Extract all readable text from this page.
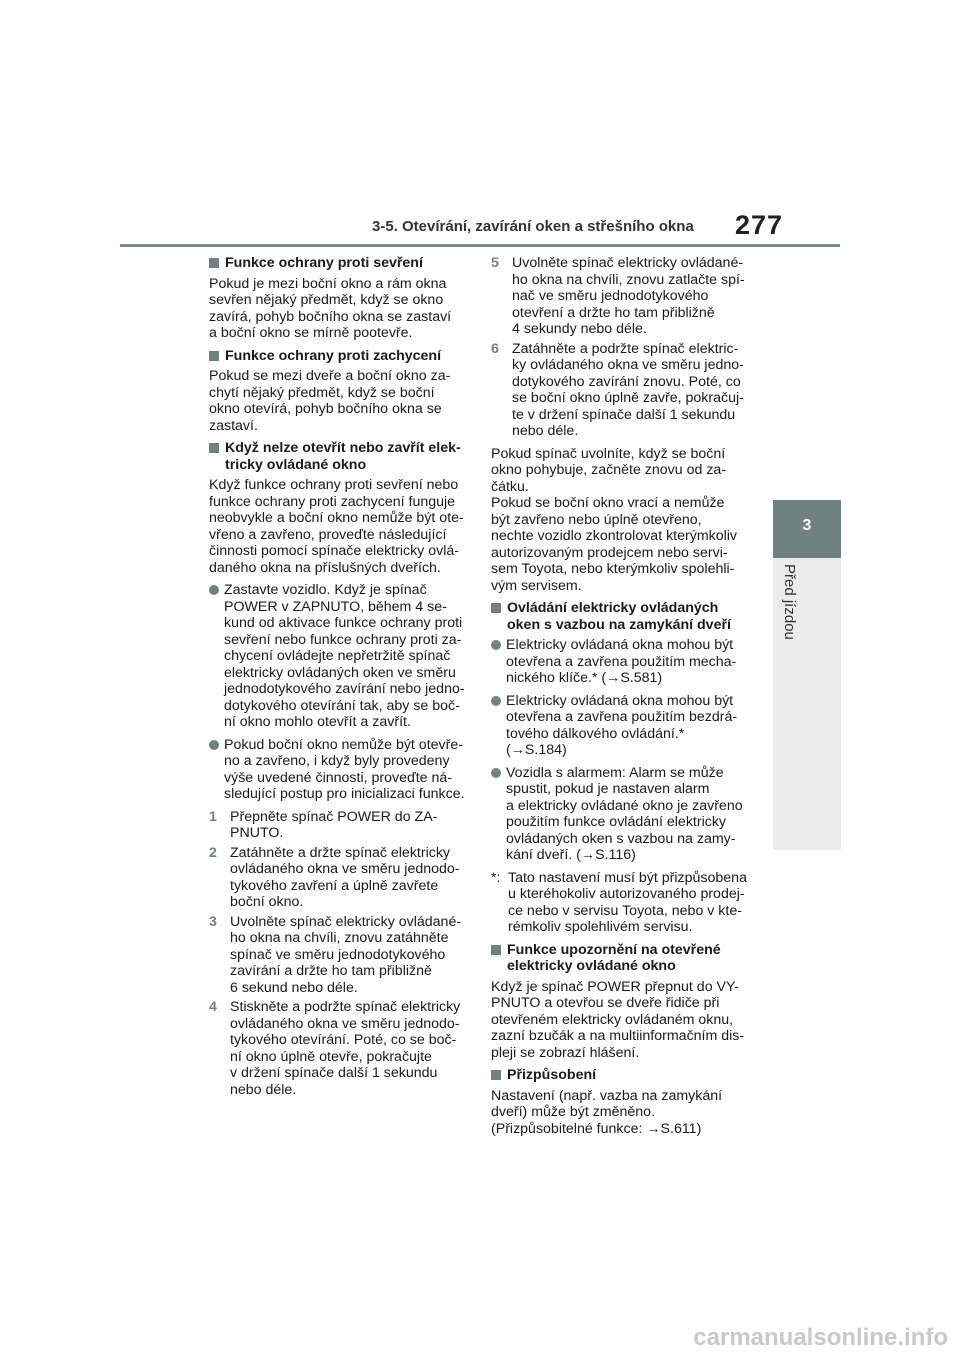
3-5. Otevírání, zavírání oken a střešního okna 277
3
Před jízdou
Funkce ochrany proti sevření
Pokud je mezi boční okno a rám okna
sevřen nějaký předmět, když se okno
zavírá, pohyb bočního okna se zastaví
a boční okno se mírně pootevře.
Funkce ochrany proti zachycení
Pokud se mezi dveře a boční okno za-
chytí nějaký předmět, když se boční
okno otevírá, pohyb bočního okna se
zastaví.
Když nelze otevřít nebo zavřít elek-
tricky ovládané okno
Když funkce ochrany proti sevření nebo
funkce ochrany proti zachycení funguje
neobvykle a boční okno nemůže být ote-
vřeno a zavřeno, proveďte následující
činnosti pomocí spínače elektricky ovlá-
daného okna na příslušných dveřích.
Zastavte vozidlo. Když je spínač
POWER v ZAPNUTO, během 4 se-
kund od aktivace funkce ochrany proti
sevření nebo funkce ochrany proti za-
chycení ovládejte nepřetržitě spínač
elektricky ovládaných oken ve směru
jednodotykového zavírání nebo jedno-
dotykového otevírání tak, aby se boč-
ní okno mohlo otevřít a zavřít.
Pokud boční okno nemůže být otevře-
no a zavřeno, i když byly provedeny
výše uvedené činnosti, proveďte ná-
sledující postup pro inicializaci funkce.
1 Přepněte spínač POWER do ZA-
PNUTO.
2 Zatáhněte a držte spínač elektricky
ovládaného okna ve směru jednodo-
tykového zavření a úplně zavřete
boční okno.
3 Uvolněte spínač elektricky ovládané-
ho okna na chvíli, znovu zatáhněte
spínač ve směru jednodotykového
zavírání a držte ho tam přibližně
6 sekund nebo déle.
4 Stiskněte a podržte spínač elektricky
ovládaného okna ve směru jednodo-
tykového otevírání. Poté, co se boč-
ní okno úplně otevře, pokračujte
v držení spínače další 1 sekundu
nebo déle.
5 Uvolněte spínač elektricky ovládané-
ho okna na chvíli, znovu zatlačte spí-
nač ve směru jednodotykového
otevření a držte ho tam přibližně
4 sekundy nebo déle.
6 Zatáhněte a podržte spínač elektric-
ky ovládaného okna ve směru jedno-
dotykového zavírání znovu. Poté, co
se boční okno úplně zavře, pokračuj-
te v držení spínače další 1 sekundu
nebo déle.
Pokud spínač uvolníte, když se boční
okno pohybuje, začněte znovu od za-
čátku.
Pokud se boční okno vrací a nemůže
být zavřeno nebo úplně otevřeno,
nechte vozidlo zkontrolovat kterýmkoliv
autorizovaným prodejcem nebo servi-
sem Toyota, nebo kterýmkoliv spolehli-
vým servisem.
Ovládání elektricky ovládaných
oken s vazbou na zamykání dveří
Elektricky ovládaná okna mohou být
otevřena a zavřena použitím mecha-
nického klíče.* (→S.581)
Elektricky ovládaná okna mohou být
otevřena a zavřena použitím bezdrá-
tového dálkového ovládání.*
(→S.184)
Vozidla s alarmem: Alarm se může
spustit, pokud je nastaven alarm
a elektricky ovládané okno je zavřeno
použitím funkce ovládání elektricky
ovládaných oken s vazbou na zamy-
kání dveří. (→S.116)
*: Tato nastavení musí být přizpůsobena
u kteréhokoliv autorizovaného prodej-
ce nebo v servisu Toyota, nebo v kte-
rémkoliv spolehlivém servisu.
Funkce upozornění na otevřené
elektricky ovládané okno
Když je spínač POWER přepnut do VY-
PNUTO a otevřou se dveře řidiče při
otevřeném elektricky ovládaném oknu,
zazní bzučák a na multiinformačním dis-
pleji se zobrazí hlášení.
Přizpůsobení
Nastavení (např. vazba na zamykání
dveří) může být změněno.
(Přizpůsobitelné funkce: →S.611)
carmanualsonline.info
